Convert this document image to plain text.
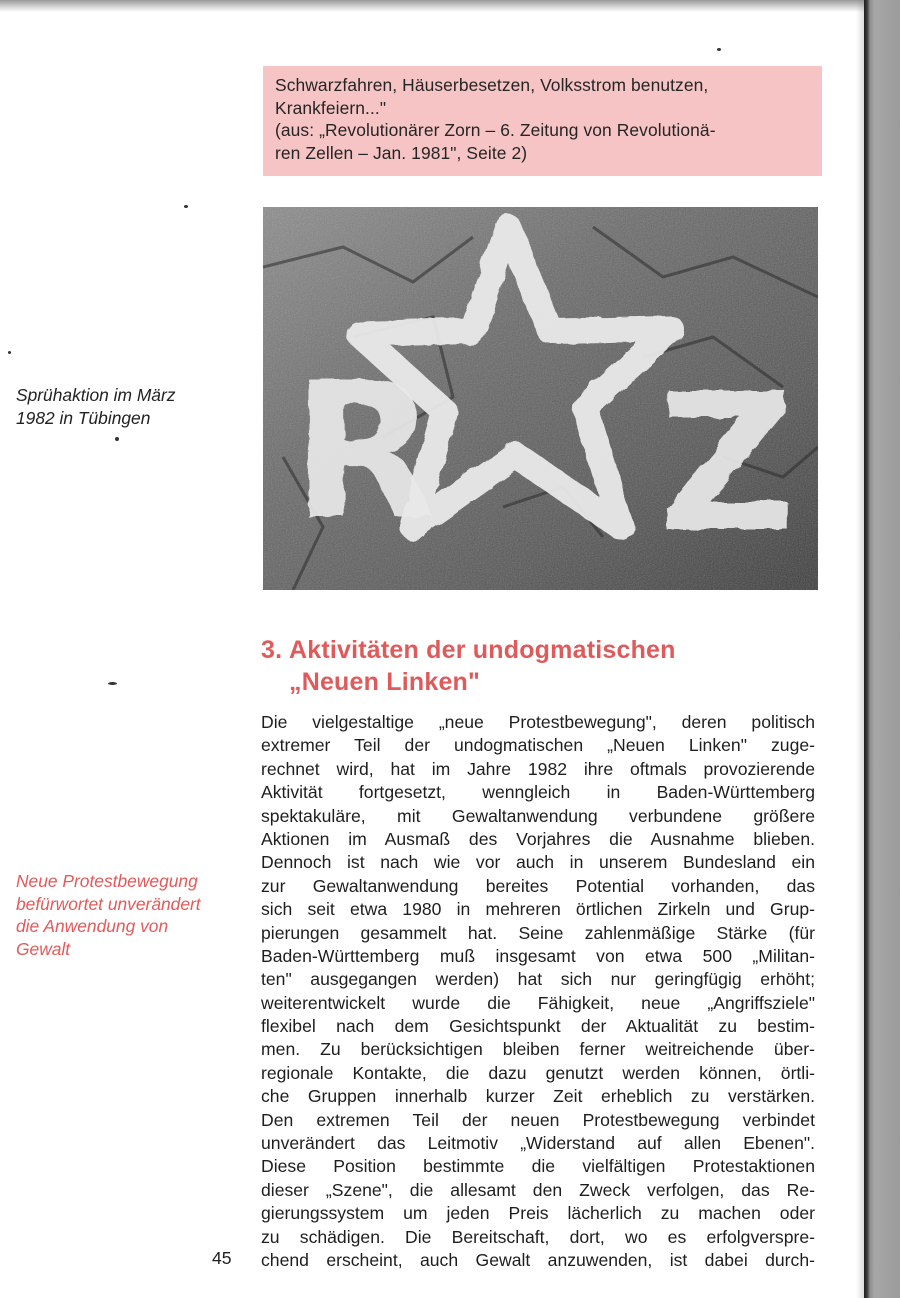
Schwarzfahren, Häuserbesetzen, Volksstrom benutzen,
Krankfeiern..."
(aus: „Revolutionärer Zorn – 6. Zeitung von Revolutionä-
ren Zellen – Jan. 1981", Seite 2)

R Z

Sprühaktion im März
1982 in Tübingen

Neue Protestbewegung
befürwortet unverändert
die Anwendung von
Gewalt

3. Aktivitäten der undogmatischen
„Neuen Linken"
Die vielgestaltige „neue Protestbewegung", deren politisch
extremer Teil der undogmatischen „Neuen Linken" zuge-
rechnet wird, hat im Jahre 1982 ihre oftmals provozierende
Aktivität fortgesetzt, wenngleich in Baden-Württemberg
spektakuläre, mit Gewaltanwendung verbundene größere
Aktionen im Ausmaß des Vorjahres die Ausnahme blieben.
Dennoch ist nach wie vor auch in unserem Bundesland ein
zur Gewaltanwendung bereites Potential vorhanden, das
sich seit etwa 1980 in mehreren örtlichen Zirkeln und Grup-
pierungen gesammelt hat. Seine zahlenmäßige Stärke (für
Baden-Württemberg muß insgesamt von etwa 500 „Militan-
ten" ausgegangen werden) hat sich nur geringfügig erhöht;
weiterentwickelt wurde die Fähigkeit, neue „Angriffsziele"
flexibel nach dem Gesichtspunkt der Aktualität zu bestim-
men. Zu berücksichtigen bleiben ferner weitreichende über-
regionale Kontakte, die dazu genutzt werden können, örtli-
che Gruppen innerhalb kurzer Zeit erheblich zu verstärken.
Den extremen Teil der neuen Protestbewegung verbindet
unverändert das Leitmotiv „Widerstand auf allen Ebenen".
Diese Position bestimmte die vielfältigen Protestaktionen
dieser „Szene", die allesamt den Zweck verfolgen, das Re-
gierungssystem um jeden Preis lächerlich zu machen oder
zu schädigen. Die Bereitschaft, dort, wo es erfolgverspre-
chend erscheint, auch Gewalt anzuwenden, ist dabei durch-
45
